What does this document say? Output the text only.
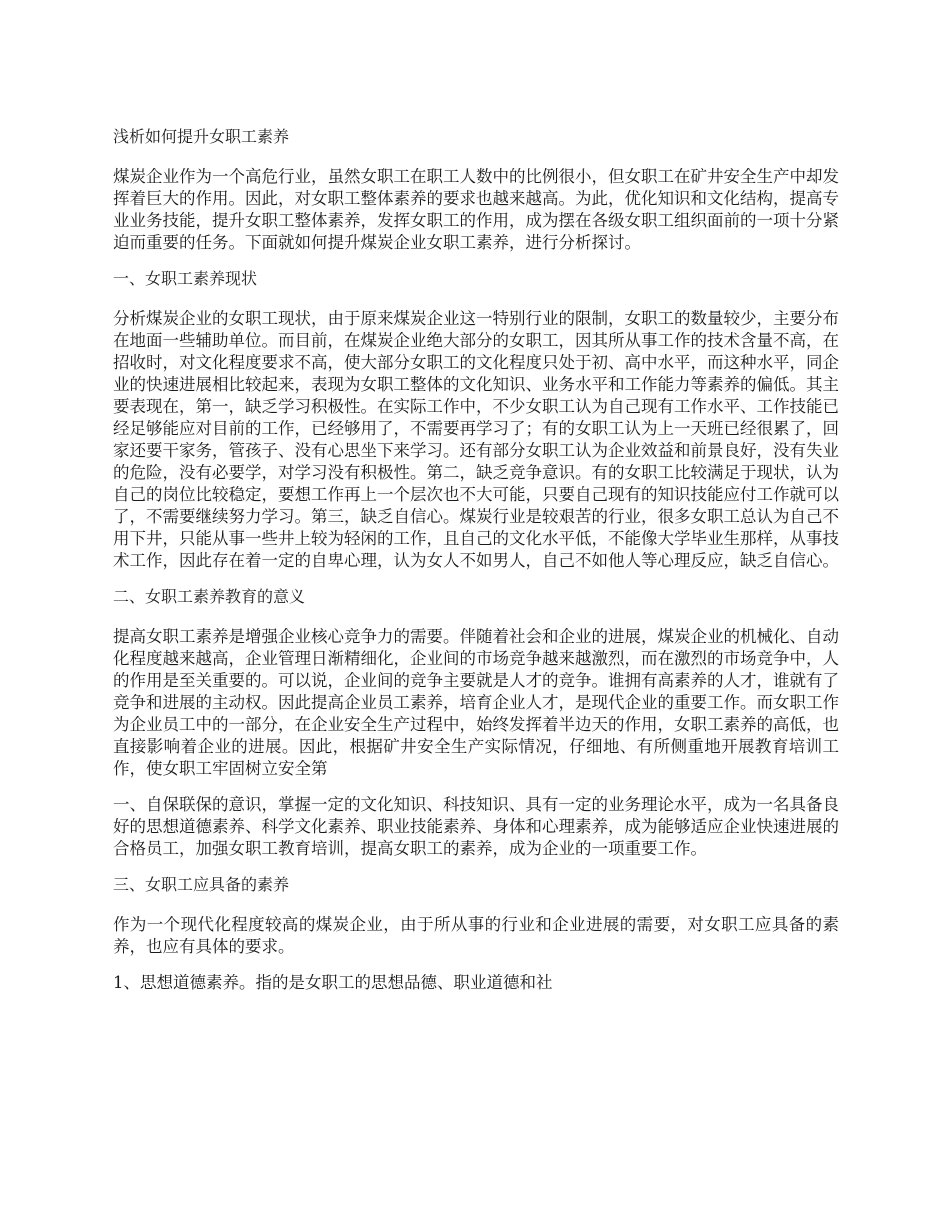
浅析如何提升女职工素养

煤炭企业作为一个高危行业，虽然女职工在职工人数中的比例很小，但女职工在矿井安全生产中却发挥着巨大的作用。因此，对女职工整体素养的要求也越来越高。为此，优化知识和文化结构，提高专业业务技能，提升女职工整体素养，发挥女职工的作用，成为摆在各级女职工组织面前的一项十分紧迫而重要的任务。下面就如何提升煤炭企业女职工素养，进行分析探讨。

一、女职工素养现状

分析煤炭企业的女职工现状，由于原来煤炭企业这一特别行业的限制，女职工的数量较少，主要分布在地面一些辅助单位。而目前，在煤炭企业绝大部分的女职工，因其所从事工作的技术含量不高，在招收时，对文化程度要求不高，使大部分女职工的文化程度只处于初、高中水平，而这种水平，同企业的快速进展相比较起来，表现为女职工整体的文化知识、业务水平和工作能力等素养的偏低。其主要表现在，第一，缺乏学习积极性。在实际工作中，不少女职工认为自己现有工作水平、工作技能已经足够能应对目前的工作，已经够用了，不需要再学习了；有的女职工认为上一天班已经很累了，回家还要干家务，管孩子、没有心思坐下来学习。还有部分女职工认为企业效益和前景良好，没有失业的危险，没有必要学，对学习没有积极性。第二，缺乏竞争意识。有的女职工比较满足于现状，认为自己的岗位比较稳定，要想工作再上一个层次也不大可能，只要自己现有的知识技能应付工作就可以了，不需要继续努力学习。第三，缺乏自信心。煤炭行业是较艰苦的行业，很多女职工总认为自己不用下井，只能从事一些井上较为轻闲的工作，且自己的文化水平低，不能像大学毕业生那样，从事技术工作，因此存在着一定的自卑心理，认为女人不如男人，自己不如他人等心理反应，缺乏自信心。

二、女职工素养教育的意义

提高女职工素养是增强企业核心竞争力的需要。伴随着社会和企业的进展，煤炭企业的机械化、自动化程度越来越高，企业管理日渐精细化，企业间的市场竞争越来越激烈，而在激烈的市场竞争中，人的作用是至关重要的。可以说，企业间的竞争主要就是人才的竞争。谁拥有高素养的人才，谁就有了竞争和进展的主动权。因此提高企业员工素养，培育企业人才，是现代企业的重要工作。而女职工作为企业员工中的一部分，在企业安全生产过程中，始终发挥着半边天的作用，女职工素养的高低，也直接影响着企业的进展。因此，根据矿井安全生产实际情况，仔细地、有所侧重地开展教育培训工作，使女职工牢固树立安全第

一、自保联保的意识，掌握一定的文化知识、科技知识、具有一定的业务理论水平，成为一名具备良好的思想道德素养、科学文化素养、职业技能素养、身体和心理素养，成为能够适应企业快速进展的合格员工，加强女职工教育培训，提高女职工的素养，成为企业的一项重要工作。

三、女职工应具备的素养

作为一个现代化程度较高的煤炭企业，由于所从事的行业和企业进展的需要，对女职工应具备的素养，也应有具体的要求。

1、思想道德素养。指的是女职工的思想品德、职业道德和社
